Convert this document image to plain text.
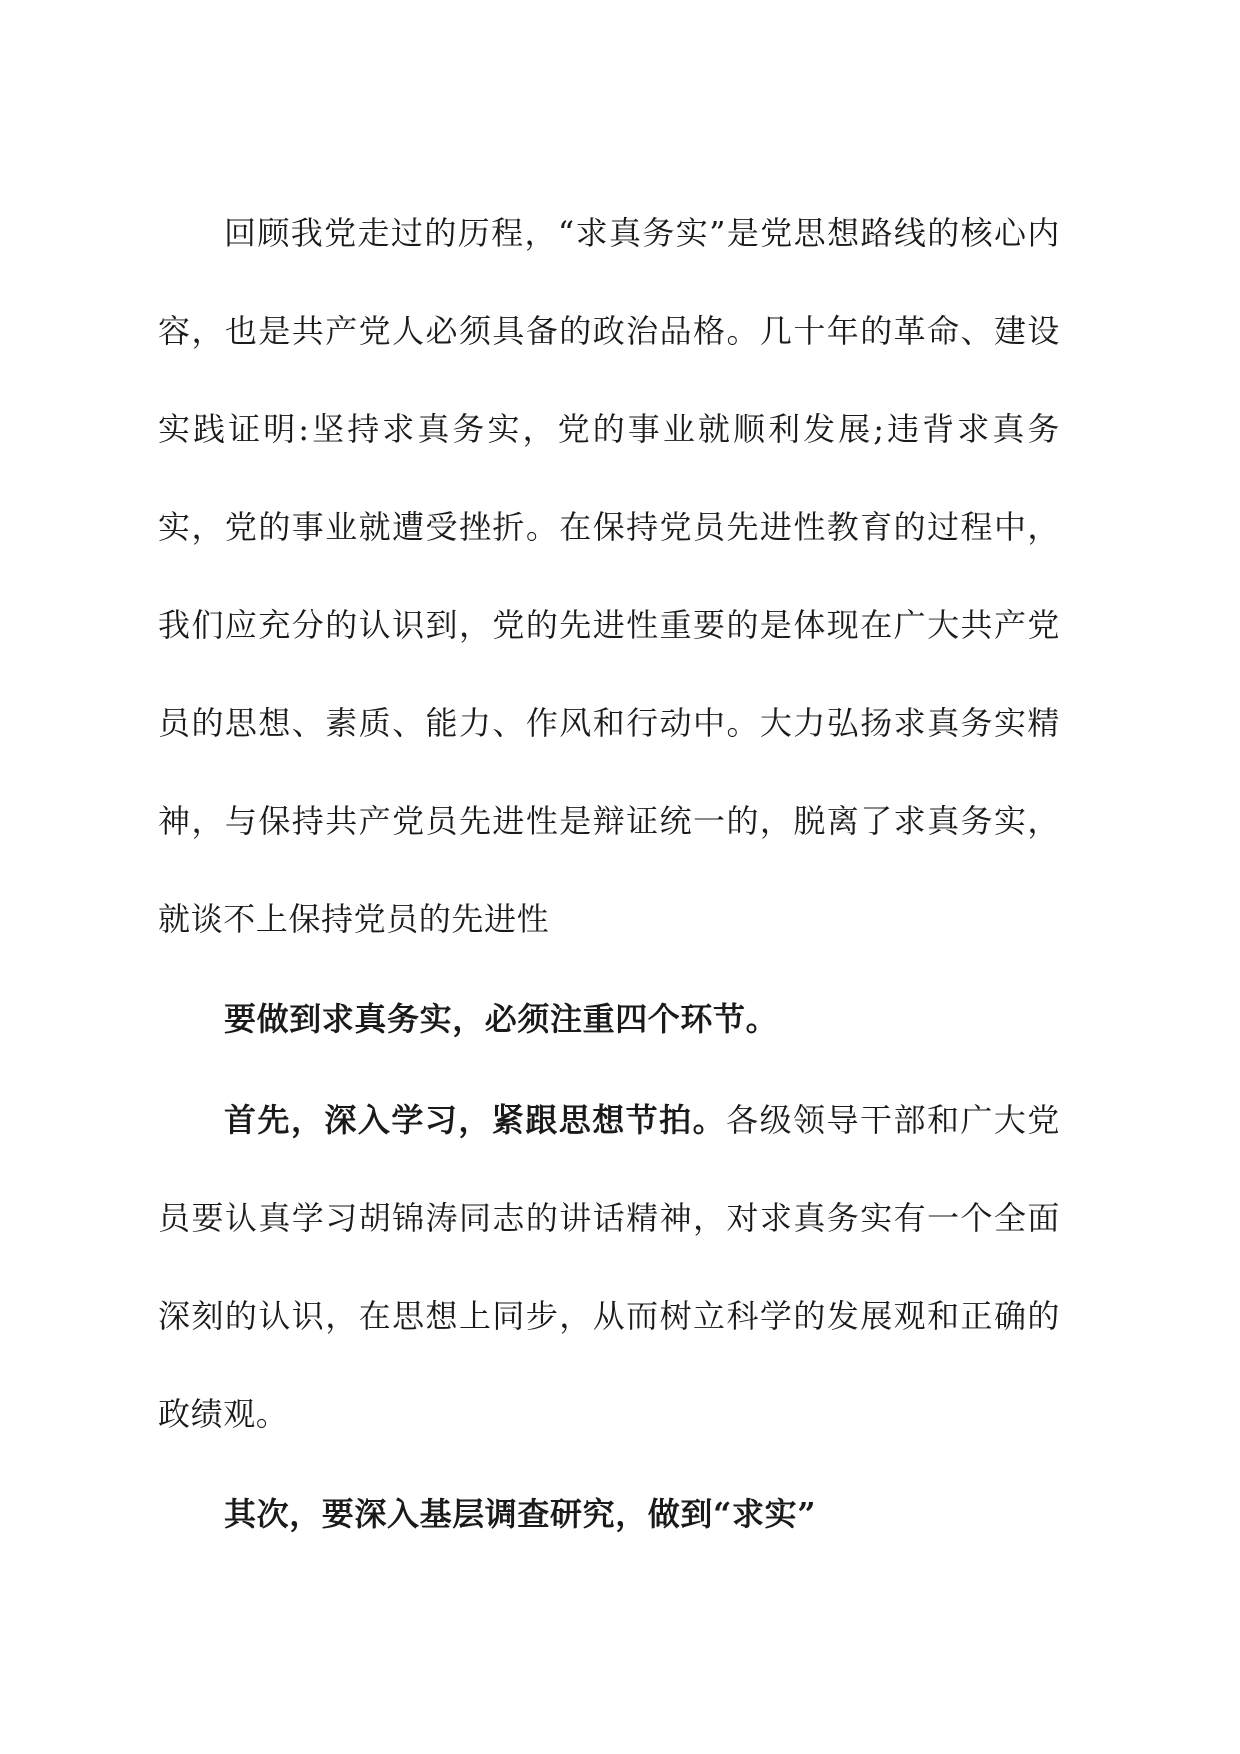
回顾我党走过的历程，“求真务实”是党思想路线的核心内容，也是共产党人必须具备的政治品格。几十年的革命、建设实践证明:坚持求真务实，党的事业就顺利发展;违背求真务实，党的事业就遭受挫折。在保持党员先进性教育的过程中，我们应充分的认识到，党的先进性重要的是体现在广大共产党员的思想、素质、能力、作风和行动中。大力弘扬求真务实精神，与保持共产党员先进性是辩证统一的，脱离了求真务实，就谈不上保持党员的先进性

要做到求真务实，必须注重四个环节。

首先，深入学习，紧跟思想节拍。各级领导干部和广大党员要认真学习胡锦涛同志的讲话精神，对求真务实有一个全面深刻的认识，在思想上同步，从而树立科学的发展观和正确的政绩观。

其次，要深入基层调查研究，做到“求实”
